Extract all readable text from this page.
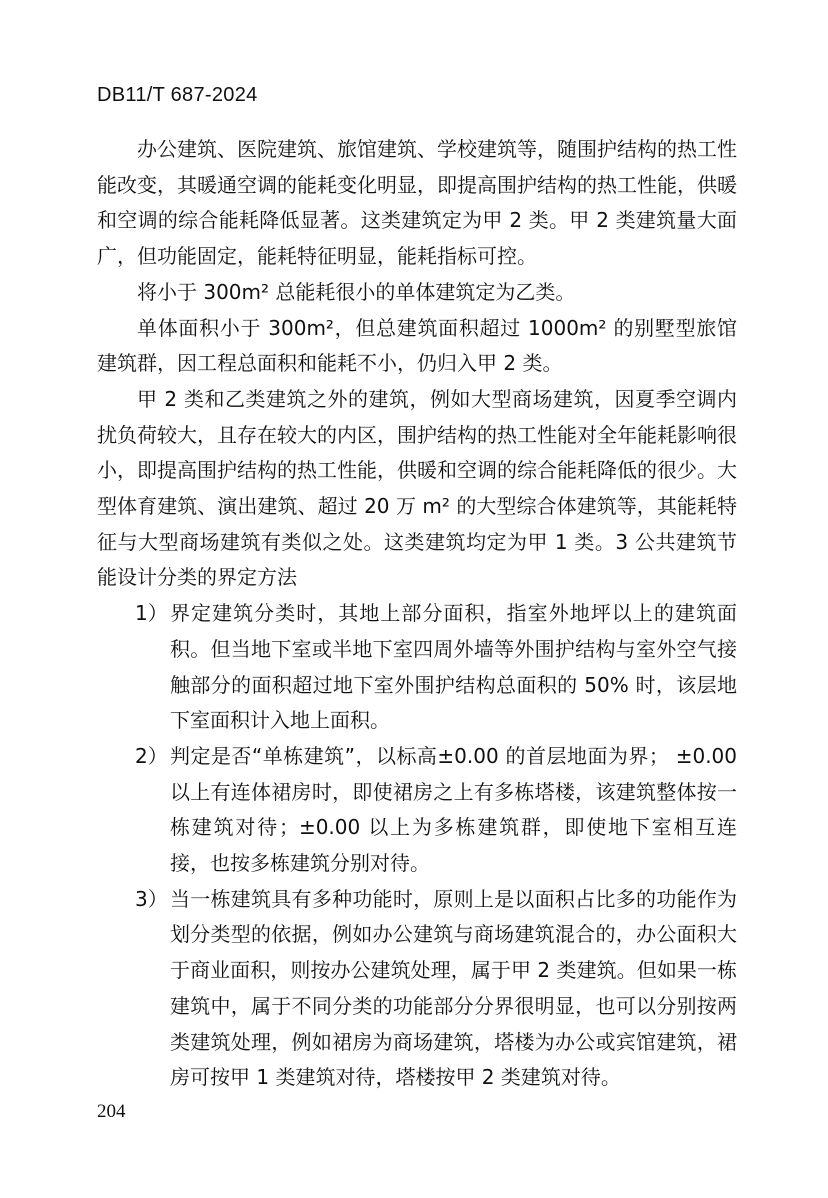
DB11/T 687-2024

办公建筑、医院建筑、旅馆建筑、学校建筑等，随围护结构的热工性能改变，其暖通空调的能耗变化明显，即提高围护结构的热工性能，供暖和空调的综合能耗降低显著。这类建筑定为甲 2 类。甲 2 类建筑量大面广，但功能固定，能耗特征明显，能耗指标可控。

将小于 300m² 总能耗很小的单体建筑定为乙类。

单体面积小于 300m²，但总建筑面积超过 1000m² 的别墅型旅馆建筑群，因工程总面积和能耗不小，仍归入甲 2 类。

甲 2 类和乙类建筑之外的建筑，例如大型商场建筑，因夏季空调内扰负荷较大，且存在较大的内区，围护结构的热工性能对全年能耗影响很小，即提高围护结构的热工性能，供暖和空调的综合能耗降低的很少。大型体育建筑、演出建筑、超过 20 万 m² 的大型综合体建筑等，其能耗特征与大型商场建筑有类似之处。这类建筑均定为甲 1 类。3 公共建筑节能设计分类的界定方法

1） 界定建筑分类时，其地上部分面积，指室外地坪以上的建筑面积。但当地下室或半地下室四周外墙等外围护结构与室外空气接触部分的面积超过地下室外围护结构总面积的 50% 时，该层地下室面积计入地上面积。
2） 判定是否“单栋建筑”，以标高±0.00 的首层地面为界； ±0.00 以上有连体裙房时，即使裙房之上有多栋塔楼，该建筑整体按一栋建筑对待；±0.00 以上为多栋建筑群，即使地下室相互连接，也按多栋建筑分别对待。
3） 当一栋建筑具有多种功能时，原则上是以面积占比多的功能作为划分类型的依据，例如办公建筑与商场建筑混合的，办公面积大于商业面积，则按办公建筑处理，属于甲 2 类建筑。但如果一栋建筑中，属于不同分类的功能部分分界很明显，也可以分别按两类建筑处理，例如裙房为商场建筑，塔楼为办公或宾馆建筑，裙房可按甲 1 类建筑对待，塔楼按甲 2 类建筑对待。
204
